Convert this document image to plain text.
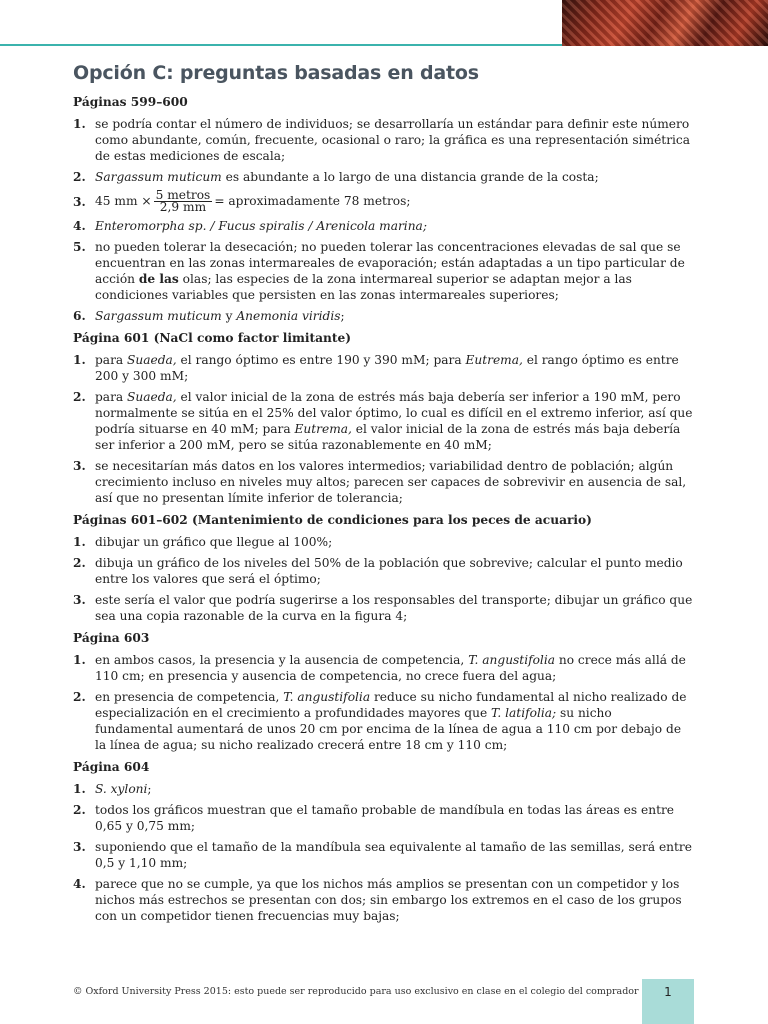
Opción C: preguntas basadas en datos
Páginas 599–600
1. se podría contar el número de individuos; se desarrollaría un estándar para definir este número como abundante, común, frecuente, ocasional o raro; la gráfica es una representación simétrica de estas mediciones de escala;
2. Sargassum muticum es abundante a lo largo de una distancia grande de la costa;
3. 45 mm × $\frac{\text{5 metros}}{2,9 mm}$ = aproximadamente 78 metros;
4. Enteromorpha sp. / Fucus spiralis / Arenicola marina;
5. no pueden tolerar la desecación; no pueden tolerar las concentraciones elevadas de sal que se encuentran en las zonas intermareales de evaporación; están adaptadas a un tipo particular de acción de las olas; las especies de la zona intermareal superior se adaptan mejor a las condiciones variables que persisten en las zonas intermareales superiores;
6. Sargassum muticum y Anemonia viridis;
Página 601 (NaCl como factor limitante)
1. para Suaeda, el rango óptimo es entre 190 y 390 mM; para Eutrema, el rango óptimo es entre 200 y 300 mM;
2. para Suaeda, el valor inicial de la zona de estrés más baja debería ser inferior a 190 mM, pero normalmente se sitúa en el 25% del valor óptimo, lo cual es difícil en el extremo inferior, así que podría situarse en 40 mM; para Eutrema, el valor inicial de la zona de estrés más baja debería ser inferior a 200 mM, pero se sitúa razonablemente en 40 mM;
3. se necesitarían más datos en los valores intermedios; variabilidad dentro de población; algún crecimiento incluso en niveles muy altos; parecen ser capaces de sobrevivir en ausencia de sal, así que no presentan límite inferior de tolerancia;
Páginas 601–602 (Mantenimiento de condiciones para los peces de acuario)
1. dibujar un gráfico que llegue al 100%;
2. dibuja un gráfico de los niveles del 50% de la población que sobrevive; calcular el punto medio entre los valores que será el óptimo;
3. este sería el valor que podría sugerirse a los responsables del transporte; dibujar un gráfico que sea una copia razonable de la curva en la figura 4;
Página 603
1. en ambos casos, la presencia y la ausencia de competencia, T. angustifolia no crece más allá de 110 cm; en presencia y ausencia de competencia, no crece fuera del agua;
2. en presencia de competencia, T. angustifolia reduce su nicho fundamental al nicho realizado de especialización en el crecimiento a profundidades mayores que T. latifolia; su nicho fundamental aumentará de unos 20 cm por encima de la línea de agua a 110 cm por debajo de la línea de agua; su nicho realizado crecerá entre 18 cm y 110 cm;
Página 604
1. S. xyloni;
2. todos los gráficos muestran que el tamaño probable de mandíbula en todas las áreas es entre 0,65 y 0,75 mm;
3. suponiendo que el tamaño de la mandíbula sea equivalente al tamaño de las semillas, será entre 0,5 y 1,10 mm;
4. parece que no se cumple, ya que los nichos más amplios se presentan con un competidor y los nichos más estrechos se presentan con dos; sin embargo los extremos en el caso de los grupos con un competidor tienen frecuencias muy bajas;
© Oxford University Press 2015: esto puede ser reproducido para uso exclusivo en clase en el colegio del comprador	1
